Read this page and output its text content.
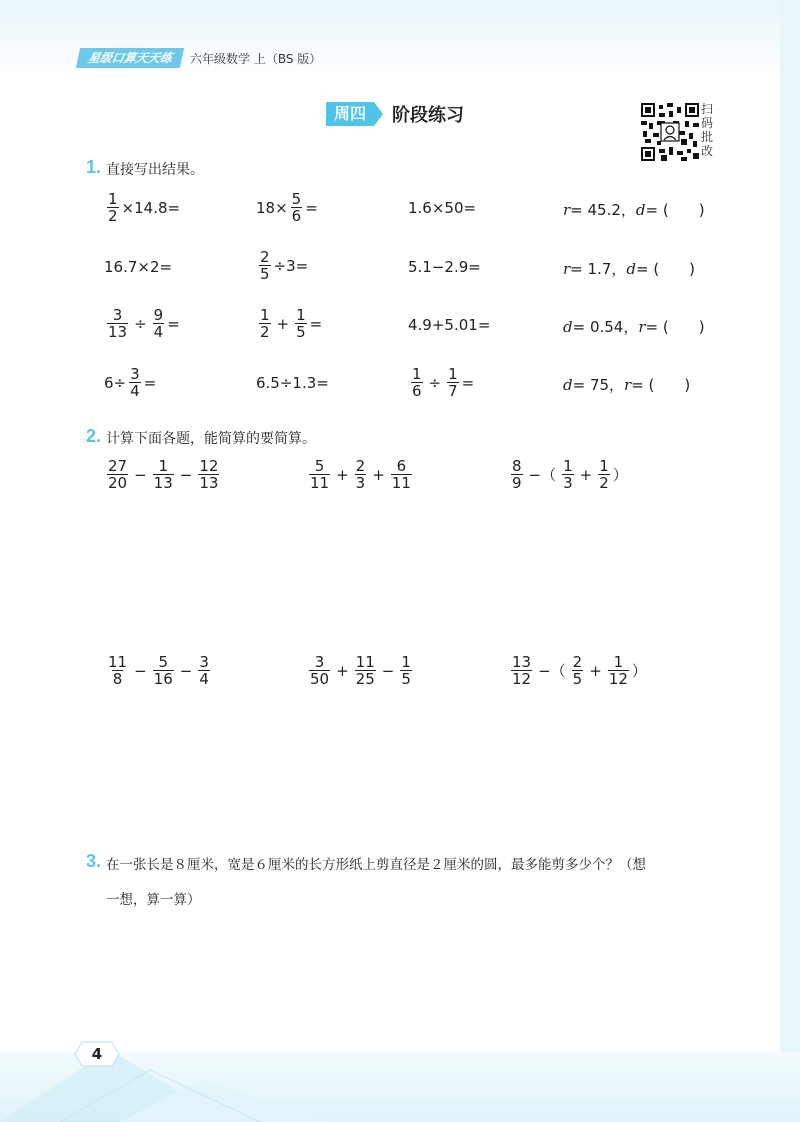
星级口算天天练	六年级数学 上（BS 版）
周四	阶段练习	扫码批改
1. 直接写出结果。
$\frac{1}{2} \times 14.8=$	$18\times \frac{5}{6}$ =	1.6×50=	r = 45.2， d = (　　)
16.7×2=	$\frac{2}{5} \div 3=$	5.1−2.9=	r = 1.7， d = (　　)
$\frac{3}{13} \div \frac{9}{4}$ =	$\frac{1}{2} + \frac{1}{5}$ =	4.9+5.01=	d = 0.54， r = (　　)
$6\div \frac{3}{4}$ =	6.5÷1.3=	$\frac{1}{6} \div \frac{1}{7}$ =	d = 75， r = (　　)
2. 计算下面各题，能简算的要简算。
$\frac{27}{20} - \frac{1}{13} - \frac{12}{13}$	$\frac{5}{11} + \frac{2}{3} + \frac{6}{11}$	$\frac{8}{9}$ −（ $\frac{1}{3} + \frac{1}{2}$ ）
$\frac{11}{8} - \frac{5}{16} - \frac{3}{4}$	$\frac{3}{50} + \frac{11}{25} - \frac{1}{5}$	$\frac{13}{12}$ −（ $\frac{2}{5} + \frac{1}{12}$ ）
3. 在一张长是８厘米，宽是６厘米的长方形纸上剪直径是２厘米的圆，最多能剪多少个？（想
一想，算一算）
4
